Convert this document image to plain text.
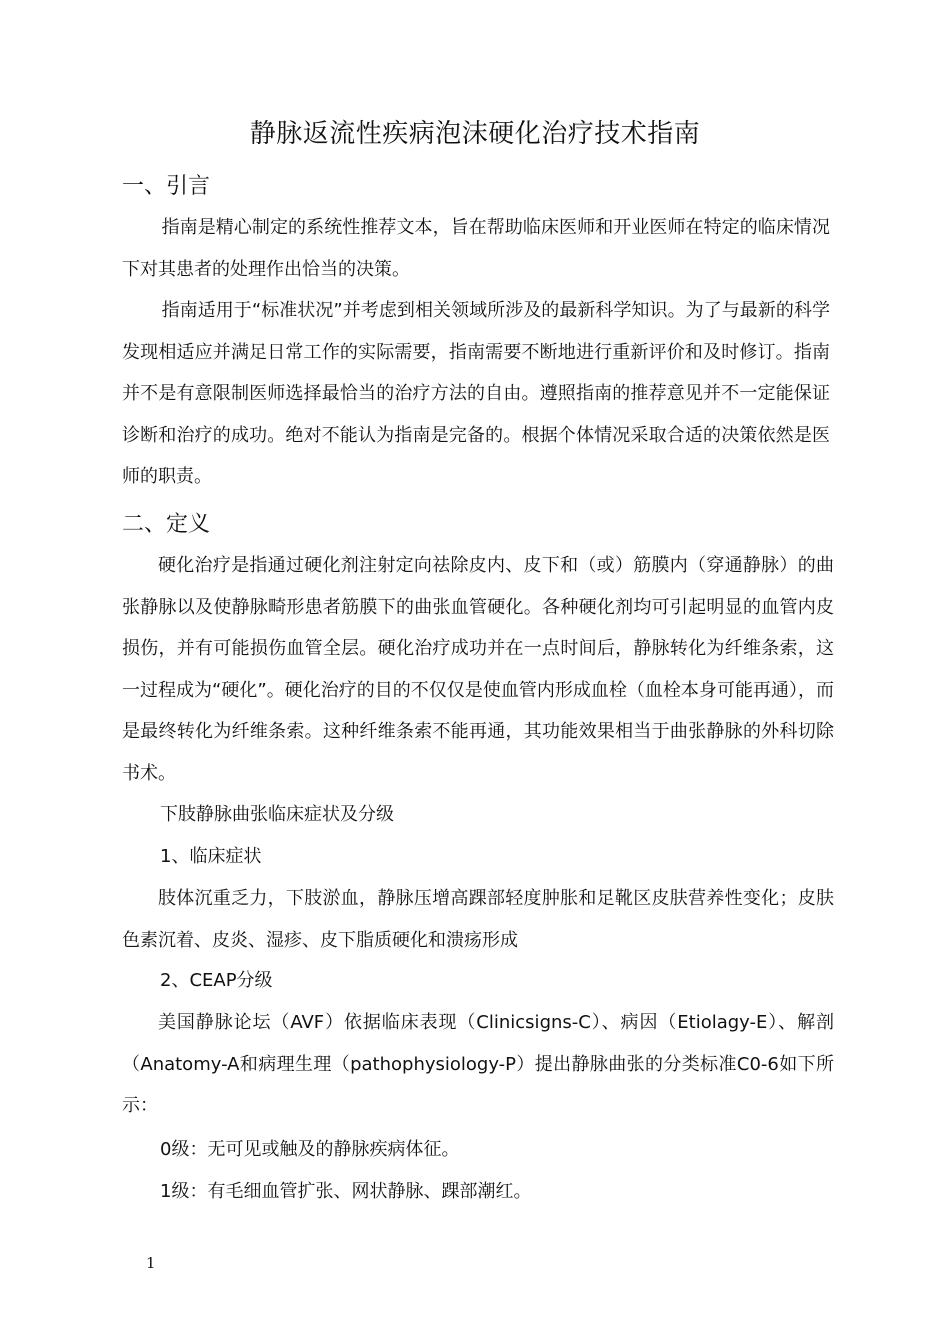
静脉返流性疾病泡沫硬化治疗技术指南
一、引言
指南是精心制定的系统性推荐文本，旨在帮助临床医师和开业医师在特定的临床情况下对其患者的处理作出恰当的决策。
指南适用于“标准状况”并考虑到相关领域所涉及的最新科学知识。为了与最新的科学发现相适应并满足日常工作的实际需要，指南需要不断地进行重新评价和及时修订。指南并不是有意限制医师选择最恰当的治疗方法的自由。遵照指南的推荐意见并不一定能保证诊断和治疗的成功。绝对不能认为指南是完备的。根据个体情况采取合适的决策依然是医师的职责。
二、定义
硬化治疗是指通过硬化剂注射定向祛除皮内、皮下和（或）筋膜内（穿通静脉）的曲张静脉以及使静脉畸形患者筋膜下的曲张血管硬化。各种硬化剂均可引起明显的血管内皮损伤，并有可能损伤血管全层。硬化治疗成功并在一点时间后，静脉转化为纤维条索，这一过程成为“硬化”。硬化治疗的目的不仅仅是使血管内形成血栓（血栓本身可能再通），而是最终转化为纤维条索。这种纤维条索不能再通，其功能效果相当于曲张静脉的外科切除书术。
下肢静脉曲张临床症状及分级
1、临床症状
肢体沉重乏力，下肢淤血，静脉压增高踝部轻度肿胀和足靴区皮肤营养性变化；皮肤色素沉着、皮炎、湿疹、皮下脂质硬化和溃疡形成
2、CEAP分级
美国静脉论坛（AVF）依据临床表现（Clinicsigns-C）、病因（Etiolagy-E）、解剖（Anatomy-A和病理生理（pathophysiology-P）提出静脉曲张的分类标准C0-6如下所示：
0级：无可见或触及的静脉疾病体征。
1级：有毛细血管扩张、网状静脉、踝部潮红。
1
